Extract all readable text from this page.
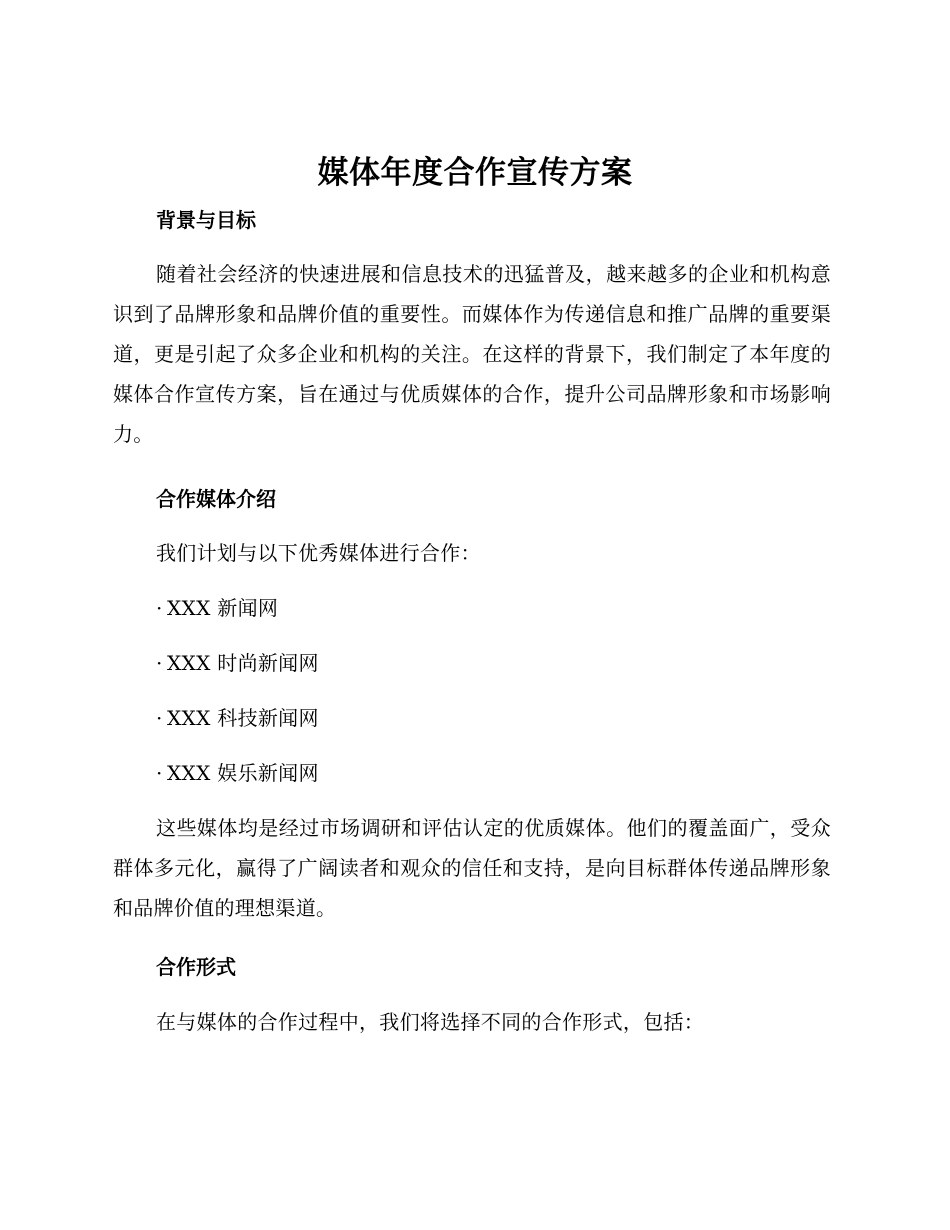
媒体年度合作宣传方案
背景与目标

随着社会经济的快速进展和信息技术的迅猛普及，越来越多的企业和机构意识到了品牌形象和品牌价值的重要性。而媒体作为传递信息和推广品牌的重要渠道，更是引起了众多企业和机构的关注。在这样的背景下，我们制定了本年度的媒体合作宣传方案，旨在通过与优质媒体的合作，提升公司品牌形象和市场影响力。

合作媒体介绍

我们计划与以下优秀媒体进行合作：

· XXX 新闻网

· XXX 时尚新闻网

· XXX 科技新闻网

· XXX 娱乐新闻网

这些媒体均是经过市场调研和评估认定的优质媒体。他们的覆盖面广，受众群体多元化，赢得了广阔读者和观众的信任和支持，是向目标群体传递品牌形象和品牌价值的理想渠道。

合作形式

在与媒体的合作过程中，我们将选择不同的合作形式，包括：
